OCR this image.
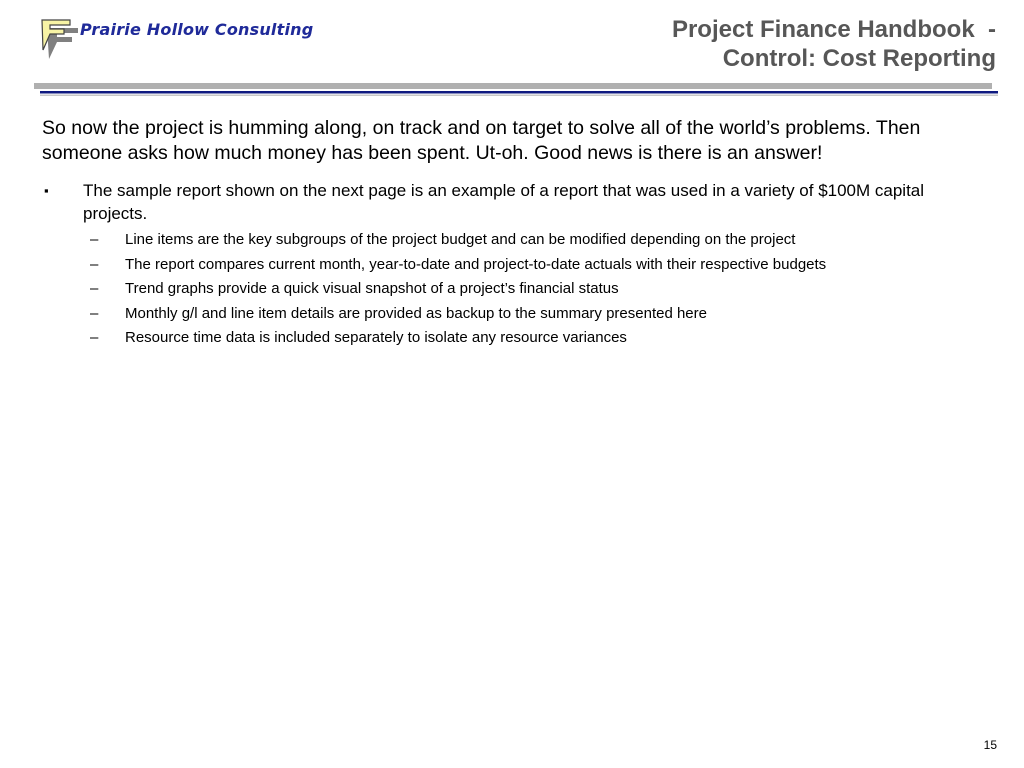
Prairie Hollow Consulting	Project Finance Handbook  -
Control: Cost Reporting

So now the project is humming along, on track and on target to solve all of the world’s problems. Then someone asks how much money has been spent. Ut-oh. Good news is there is an answer!

▪ The sample report shown on the next page is an example of a report that was used in a variety of $100M capital projects.
– Line items are the key subgroups of the project budget and can be modified depending on the project
– The report compares current month, year-to-date and project-to-date actuals with their respective budgets
– Trend graphs provide a quick visual snapshot of a project’s financial status
– Monthly g/l and line item details are provided as backup to the summary presented here
– Resource time data is included separately to isolate any resource variances
15
